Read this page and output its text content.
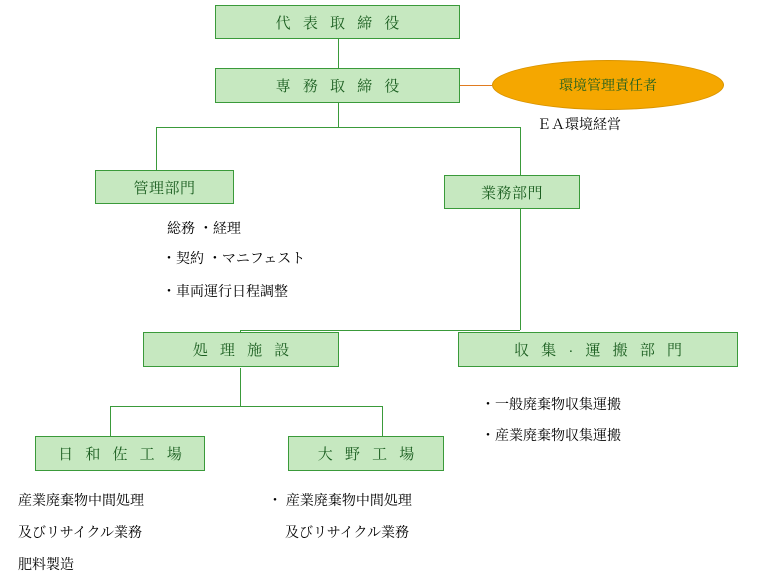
代 表 取 締 役
専 務 取 締 役	環境管理責任者
管理部門	業務部門
処 理 施 設	収 集 · 運 搬 部 門
日 和 佐 工 場	大 野 工 場
ＥＡ環境経営
総務 ・経理
・契約 ・マニフェスト
・車両運行日程調整
・一般廃棄物収集運搬
・産業廃棄物収集運搬
産業廃棄物中間処理
及びリサイクル業務
肥料製造
・ 産業廃棄物中間処理
及びリサイクル業務
